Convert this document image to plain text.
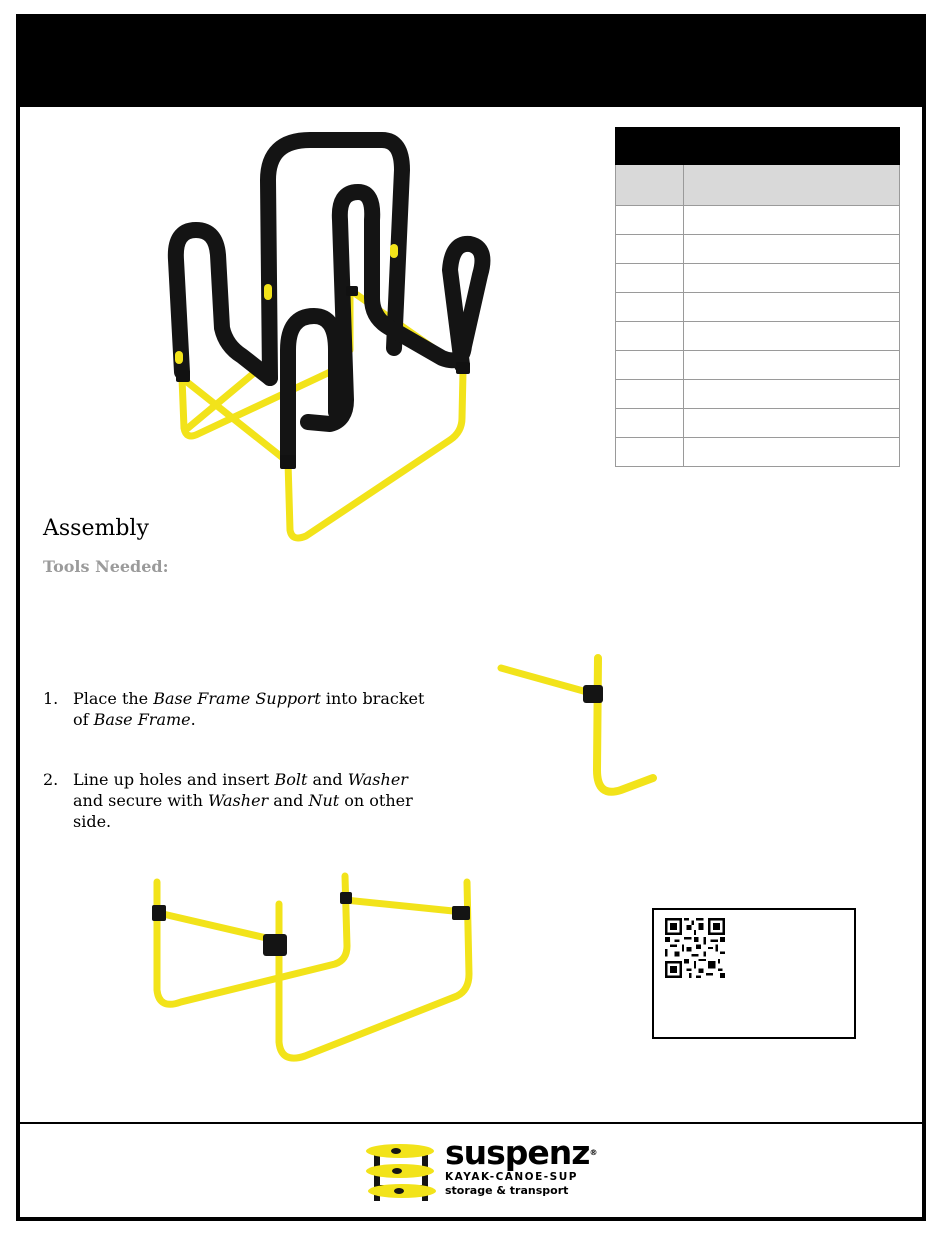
Assembly
Tools Needed:
1. Place the Base Frame Support into bracket of Base Frame.
2. Line up holes and insert Bolt and Washer and secure with Washer and Nut on other side.
suspenz®
KAYAK-CANOE-SUP
storage & transport
